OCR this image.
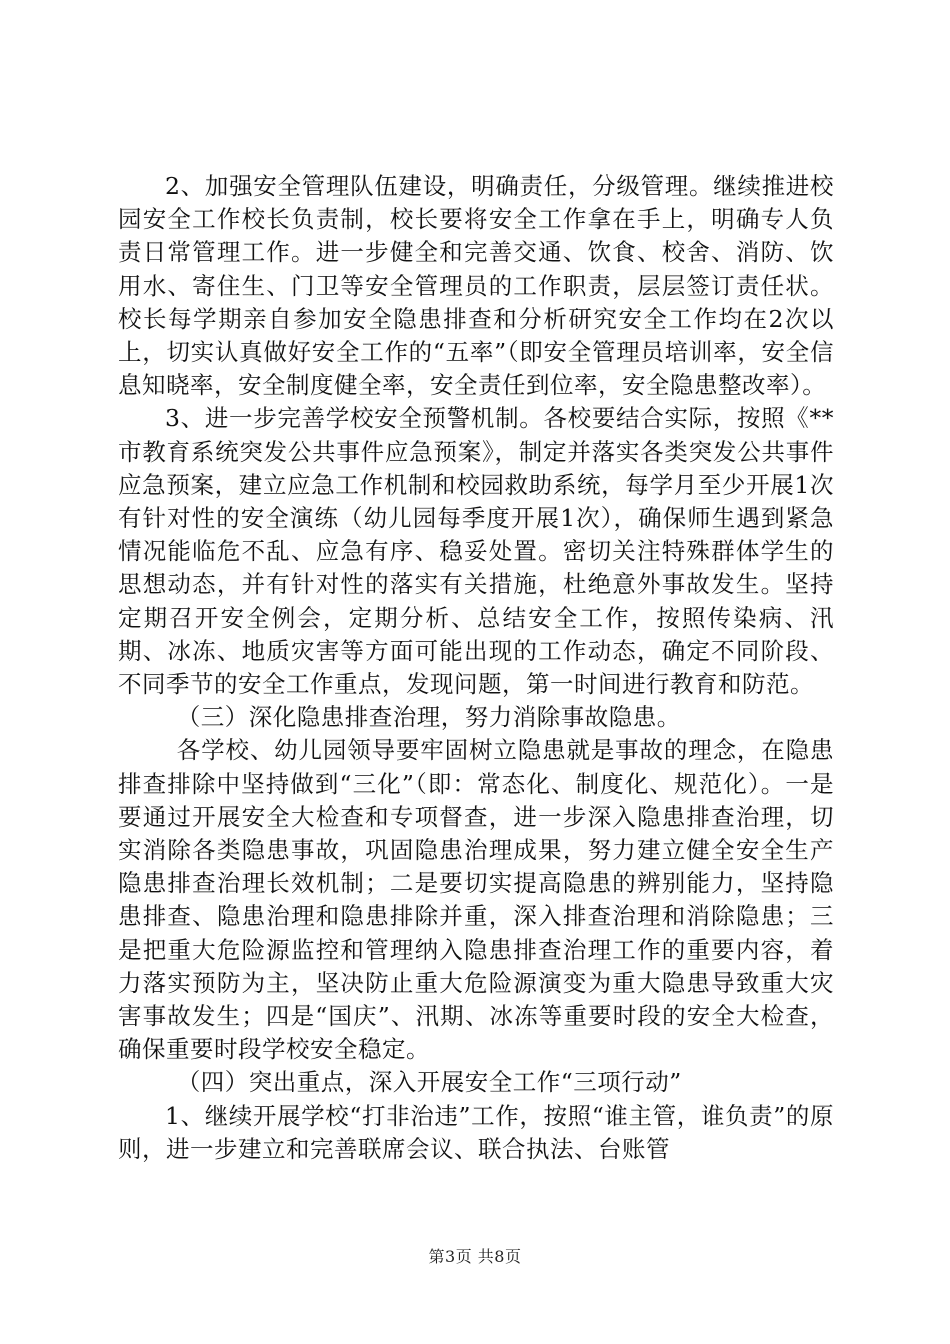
2、加强安全管理队伍建设，明确责任，分级管理。继续推进校园安全工作校长负责制，校长要将安全工作拿在手上，明确专人负责日常管理工作。进一步健全和完善交通、饮食、校舍、消防、饮用水、寄住生、门卫等安全管理员的工作职责，层层签订责任状。校长每学期亲自参加安全隐患排查和分析研究安全工作均在2次以上，切实认真做好安全工作的“五率”（即安全管理员培训率，安全信息知晓率，安全制度健全率，安全责任到位率，安全隐患整改率）。

3、进一步完善学校安全预警机制。各校要结合实际，按照《**市教育系统突发公共事件应急预案》，制定并落实各类突发公共事件应急预案，建立应急工作机制和校园救助系统，每学月至少开展1次有针对性的安全演练（幼儿园每季度开展1次），确保师生遇到紧急情况能临危不乱、应急有序、稳妥处置。密切关注特殊群体学生的思想动态，并有针对性的落实有关措施，杜绝意外事故发生。坚持定期召开安全例会，定期分析、总结安全工作，按照传染病、汛期、冰冻、地质灾害等方面可能出现的工作动态，确定不同阶段、不同季节的安全工作重点，发现问题，第一时间进行教育和防范。

（三）深化隐患排查治理，努力消除事故隐患。

各学校、幼儿园领导要牢固树立隐患就是事故的理念，在隐患排查排除中坚持做到“三化”（即：常态化、制度化、规范化）。一是要通过开展安全大检查和专项督查，进一步深入隐患排查治理，切实消除各类隐患事故，巩固隐患治理成果，努力建立健全安全生产隐患排查治理长效机制；二是要切实提高隐患的辨别能力，坚持隐患排查、隐患治理和隐患排除并重，深入排查治理和消除隐患；三是把重大危险源监控和管理纳入隐患排查治理工作的重要内容，着力落实预防为主，坚决防止重大危险源演变为重大隐患导致重大灾害事故发生；四是“国庆”、汛期、冰冻等重要时段的安全大检查，确保重要时段学校安全稳定。

（四）突出重点，深入开展安全工作“三项行动”

1、继续开展学校“打非治违”工作，按照“谁主管，谁负责”的原则，进一步建立和完善联席会议、联合执法、台账管

第3页 共8页
